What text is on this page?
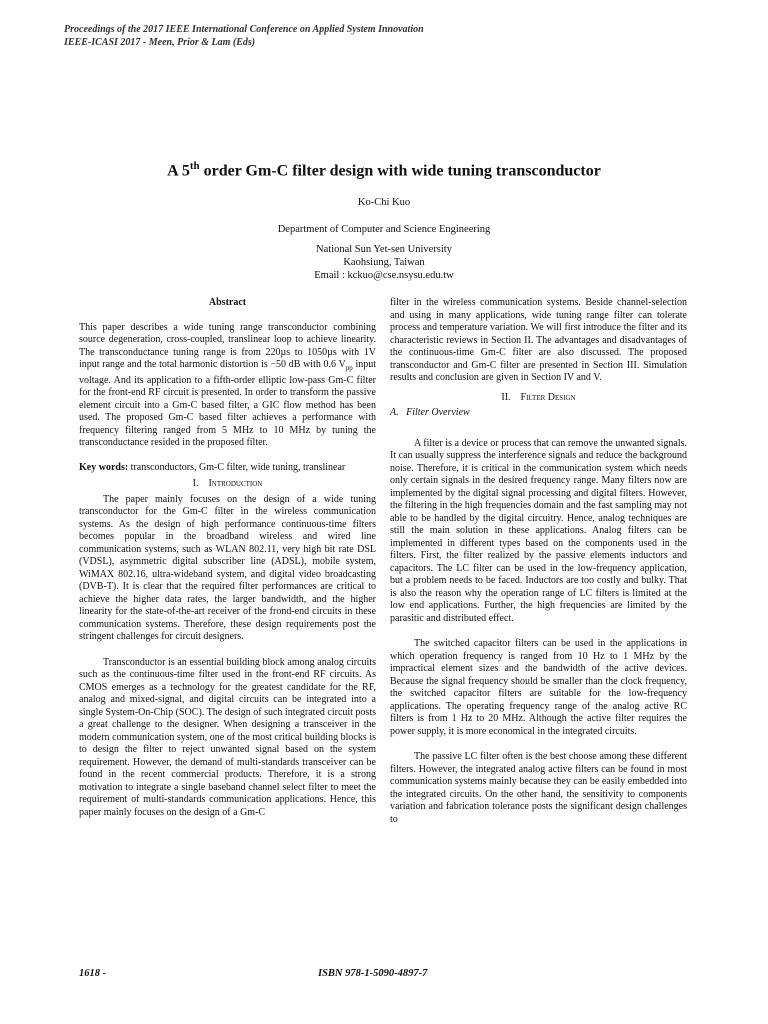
Proceedings of the 2017 IEEE International Conference on Applied System Innovation
IEEE-ICASI 2017 - Meen, Prior & Lam (Eds)
A 5th order Gm-C filter design with wide tuning transconductor
Ko-Chi Kuo
Department of Computer and Science Engineering
National Sun Yet-sen University
Kaohsiung, Taiwan
Email : kckuo@cse.nsysu.edu.tw

Abstract

This paper describes a wide tuning range transconductor combining source degeneration, cross-coupled, translinear loop to achieve linearity. The transconductance tuning range is from 220µs to 1050µs with 1V input range and the total harmonic distortion is −50 dB with 0.6 $V_{pp}$ input voltage. And its application to a fifth-order elliptic low-pass Gm-C filter for the front-end RF circuit is presented. In order to transform the passive element circuit into a Gm-C based filter, a GIC flow method has been used. The proposed Gm-C based filter achieves a performance with frequency filtering ranged from 5 MHz to 10 MHz by tuning the transconductance resided in the proposed filter.

Key words: transconductors, Gm-C filter, wide tuning, translinear

I. Introduction

The paper mainly focuses on the design of a wide tuning transconductor for the Gm-C filter in the wireless communication systems. As the design of high performance continuous-time filters becomes popular in the broadband wireless and wired line communication systems, such as WLAN 802.11, very high bit rate DSL (VDSL), asymmetric digital subscriber line (ADSL), mobile system, WiMAX 802.16, ultra-wideband system, and digital video broadcasting (DVB-T). It is clear that the required filter performances are critical to achieve the higher data rates, the larger bandwidth, and the higher linearity for the state-of-the-art receiver of the frond-end circuits in these communication systems. Therefore, these design requirements post the stringent challenges for circuit designers.

Transconductor is an essential building block among analog circuits such as the continuous-time filter used in the front-end RF circuits. As CMOS emerges as a technology for the greatest candidate for the RF, analog and mixed-signal, and digital circuits can be integrated into a single System-On-Chip (SOC). The design of such integrated circuit posts a great challenge to the designer. When designing a transceiver in the modern communication system, one of the most critical building blocks is to design the filter to reject unwanted signal based on the system requirement. However, the demand of multi-standards transceiver can be found in the recent commercial products. Therefore, it is a strong motivation to integrate a single baseband channel select filter to meet the requirement of multi-standards communication applications. Hence, this paper mainly focuses on the design of a Gm-C

filter in the wireless communication systems. Beside channel-selection and using in many applications, wide tuning range filter can tolerate process and temperature variation. We will first introduce the filter and its characteristic reviews in Section II. The advantages and disadvantages of the continuous-time Gm-C filter are also discussed. The proposed transconductor and Gm-C filter are presented in Section III. Simulation results and conclusion are given in Section IV and V.

II. Filter Design

A.   Filter Overview

A filter is a device or process that can remove the unwanted signals. It can usually suppress the interference signals and reduce the background noise. Therefore, it is critical in the communication system which needs only certain signals in the desired frequency range. Many filters now are implemented by the digital signal processing and digital filters. However, the filtering in the high frequencies domain and the fast sampling may not able to be handled by the digital circuitry. Hence, analog techniques are still the main solution in these applications. Analog filters can be implemented in different types based on the components used in the filters. First, the filter realized by the passive elements inductors and capacitors. The LC filter can be used in the low-frequency application, but a problem needs to be faced. Inductors are too costly and bulky. That is also the reason why the operation range of LC filters is limited at the low end applications. Further, the high frequencies are limited by the parasitic and distributed effect.

The switched capacitor filters can be used in the applications in which operation frequency is ranged from 10 Hz to 1 MHz by the impractical element sizes and the bandwidth of the active devices. Because the signal frequency should be smaller than the clock frequency, the switched capacitor filters are suitable for the low-frequency applications. The operating frequency range of the analog active RC filters is from 1 Hz to 20 MHz. Although the active filter requires the power supply, it is more economical in the integrated circuits.

The passive LC filter often is the best choose among these different filters. However, the integrated analog active filters can be found in most communication systems mainly because they can be easily embedded into the integrated circuits. On the other hand, the sensitivity to components variation and fabrication tolerance posts the significant design challenges to

1618 -	ISBN 978-1-5090-4897-7
